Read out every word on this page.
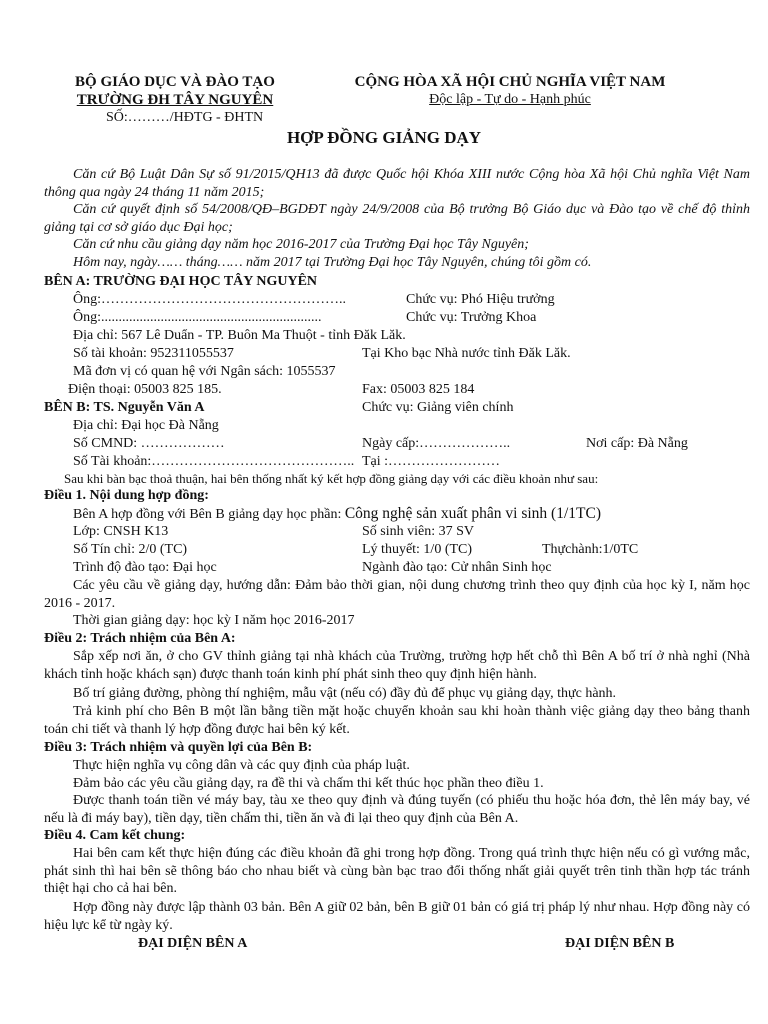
BỘ GIÁO DỤC VÀ ĐÀO TẠO
TRƯỜNG ĐH TÂY NGUYÊN
SỐ:………/HĐTG - ĐHTN
CỘNG HÒA XÃ HỘI CHỦ NGHĨA VIỆT NAM
Độc lập - Tự do - Hạnh phúc
HỢP ĐỒNG GIẢNG DẠY
Căn cứ Bộ Luật Dân Sự số 91/2015/QH13 đã được Quốc hội Khóa XIII nước Cộng hòa Xã hội Chủ nghĩa Việt Nam thông qua ngày 24 tháng 11 năm 2015;
Căn cứ quyết định số 54/2008/QĐ–BGDĐT ngày 24/9/2008 của Bộ trưởng Bộ Giáo dục và Đào tạo về chế độ thỉnh giảng tại cơ sở giáo dục Đại học;
Căn cứ nhu cầu giảng dạy năm học 2016-2017 của Trường Đại học Tây Nguyên;
Hôm nay, ngày…… tháng…… năm 2017 tại Trường Đại học Tây Nguyên, chúng tôi gồm có.
BÊN A: TRƯỜNG ĐẠI HỌC TÂY NGUYÊN
Ông:……………………………………………..	Chức vụ: Phó Hiệu trưởng
Ông:...............................................................	Chức vụ: Trưởng Khoa
Địa chỉ: 567 Lê Duẩn - TP. Buôn Ma Thuột - tỉnh Đăk Lăk.
Số tài khoản: 952311055537	Tại Kho bạc Nhà nước tỉnh Đăk Lăk.
Mã đơn vị có quan hệ với Ngân sách: 1055537
Điện thoại: 05003 825 185.	Fax: 05003 825 184
BÊN B: TS. Nguyễn Văn A	Chức vụ: Giảng viên chính
Địa chỉ: Đại học Đà Nẵng
Số CMND: ………………	Ngày cấp:………………..	Nơi cấp: Đà Nẵng
Số Tài khoản:…………………………………….. Tại :……………………
Sau khi bàn bạc thoả thuận, hai bên thống nhất ký kết hợp đồng giảng dạy với các điều khoản như sau:
Điều 1. Nội dung hợp đồng:
Bên A hợp đồng với Bên B giảng dạy học phần: Công nghệ sản xuất phân vi sinh (1/1TC)
Lớp: CNSH K13	Số sinh viên: 37 SV
Số Tín chỉ: 2/0 (TC)	Lý thuyết: 1/0 (TC)	Thựchành:1/0TC
Trình độ đào tạo: Đại học	Ngành đào tạo: Cử nhân Sinh học
Các yêu cầu về giảng dạy, hướng dẫn: Đảm bảo thời gian, nội dung chương trình theo quy định của học kỳ I, năm học 2016 - 2017.
Thời gian giảng dạy: học kỳ I năm học 2016-2017
Điều 2: Trách nhiệm của Bên A:
Sắp xếp nơi ăn, ở cho GV thỉnh giảng tại nhà khách của Trường, trường hợp hết chỗ thì Bên A bố trí ở nhà nghỉ (Nhà khách tỉnh hoặc khách sạn) được thanh toán kinh phí phát sinh theo quy định hiện hành.
Bố trí giảng đường, phòng thí nghiệm, mẫu vật (nếu có) đầy đủ để phục vụ giảng dạy, thực hành.
Trả kinh phí cho Bên B một lần bằng tiền mặt hoặc chuyển khoản sau khi hoàn thành việc giảng dạy theo bảng thanh toán chi tiết và thanh lý hợp đồng được hai bên ký kết.
Điều 3: Trách nhiệm và quyền lợi của Bên B:
Thực hiện nghĩa vụ công dân và các quy định của pháp luật.
Đảm bảo các yêu cầu giảng dạy, ra đề thi và chấm thi kết thúc học phần theo điều 1.
Được thanh toán tiền vé máy bay, tàu xe theo quy định và đúng tuyến (có phiếu thu hoặc hóa đơn, thẻ lên máy bay, vé nếu là đi máy bay), tiền dạy, tiền chấm thi, tiền ăn và đi lại theo quy định của Bên A.
Điều 4. Cam kết chung:
Hai bên cam kết thực hiện đúng các điều khoản đã ghi trong hợp đồng. Trong quá trình thực hiện nếu có gì vướng mắc, phát sinh thì hai bên sẽ thông báo cho nhau biết và cùng bàn bạc trao đổi thống nhất giải quyết trên tinh thần hợp tác tránh thiệt hại cho cả hai bên.
Hợp đồng này được lập thành 03 bản. Bên A giữ 02 bản, bên B giữ 01 bản có giá trị pháp lý như nhau. Hợp đồng này có hiệu lực kể từ ngày ký.
ĐẠI DIỆN BÊN A	ĐẠI DIỆN BÊN B
